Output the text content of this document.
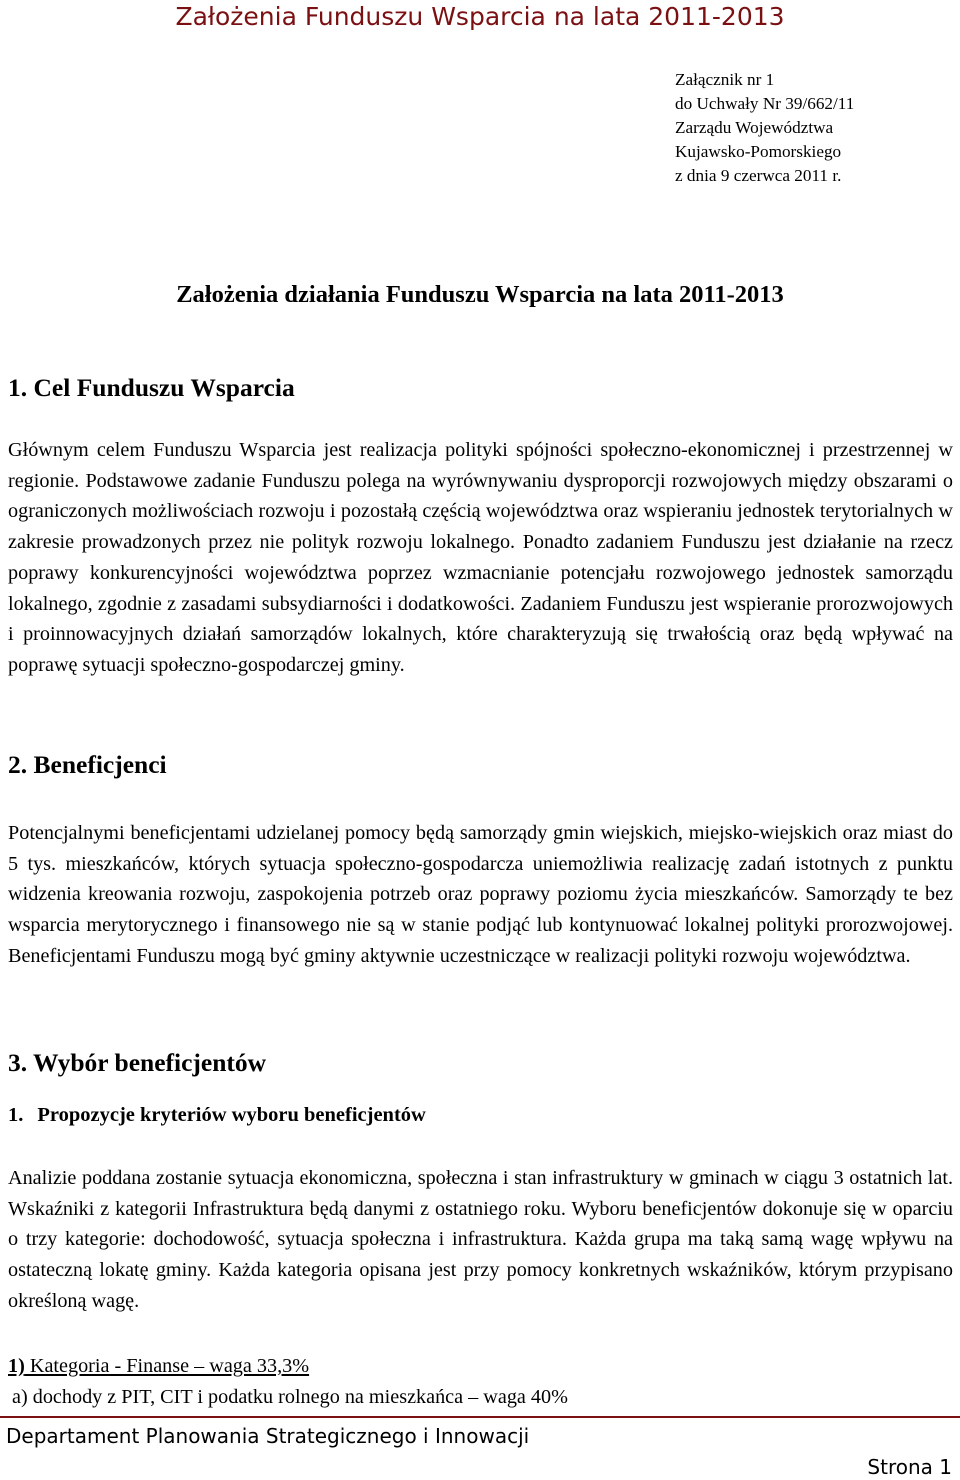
Założenia Funduszu Wsparcia na lata 2011-2013
Załącznik nr 1
do Uchwały Nr 39/662/11
Zarządu Województwa
Kujawsko-Pomorskiego
z dnia 9 czerwca 2011 r.
Założenia działania Funduszu Wsparcia na lata 2011-2013
1. Cel Funduszu Wsparcia
Głównym celem Funduszu Wsparcia jest realizacja polityki spójności społeczno-ekonomicznej i przestrzennej w regionie. Podstawowe zadanie Funduszu polega na wyrównywaniu dysproporcji rozwojowych między obszarami o ograniczonych możliwościach rozwoju i pozostałą częścią województwa oraz wspieraniu jednostek terytorialnych w zakresie prowadzonych przez nie polityk rozwoju lokalnego. Ponadto zadaniem Funduszu jest działanie na rzecz poprawy konkurencyjności województwa poprzez wzmacnianie potencjału rozwojowego jednostek samorządu lokalnego, zgodnie z zasadami subsydiarności i dodatkowości. Zadaniem Funduszu jest wspieranie prorozwojowych i proinnowacyjnych działań samorządów lokalnych, które charakteryzują się trwałością oraz będą wpływać na poprawę sytuacji społeczno-gospodarczej gminy.
2. Beneficjenci
Potencjalnymi beneficjentami udzielanej pomocy będą samorządy gmin wiejskich, miejsko-wiejskich oraz miast do 5 tys. mieszkańców, których sytuacja społeczno-gospodarcza uniemożliwia realizację zadań istotnych z punktu widzenia kreowania rozwoju, zaspokojenia potrzeb oraz poprawy poziomu życia mieszkańców. Samorządy te bez wsparcia merytorycznego i finansowego nie są w stanie podjąć lub kontynuować lokalnej polityki prorozwojowej. Beneficjentami Funduszu mogą być gminy aktywnie uczestniczące w realizacji polityki rozwoju województwa.
3. Wybór beneficjentów
1. Propozycje kryteriów wyboru beneficjentów
Analizie poddana zostanie sytuacja ekonomiczna, społeczna i stan infrastruktury w gminach w ciągu 3 ostatnich lat. Wskaźniki z kategorii Infrastruktura będą danymi z ostatniego roku. Wyboru beneficjentów dokonuje się w oparciu o trzy kategorie: dochodowość, sytuacja społeczna i infrastruktura. Każda grupa ma taką samą wagę wpływu na ostateczną lokatę gminy. Każda kategoria opisana jest przy pomocy konkretnych wskaźników, którym przypisano określoną wagę.
1) Kategoria - Finanse – waga 33,3%
a) dochody z PIT, CIT i podatku rolnego na mieszkańca – waga 40%
Departament Planowania Strategicznego i Innowacji
Strona 1
